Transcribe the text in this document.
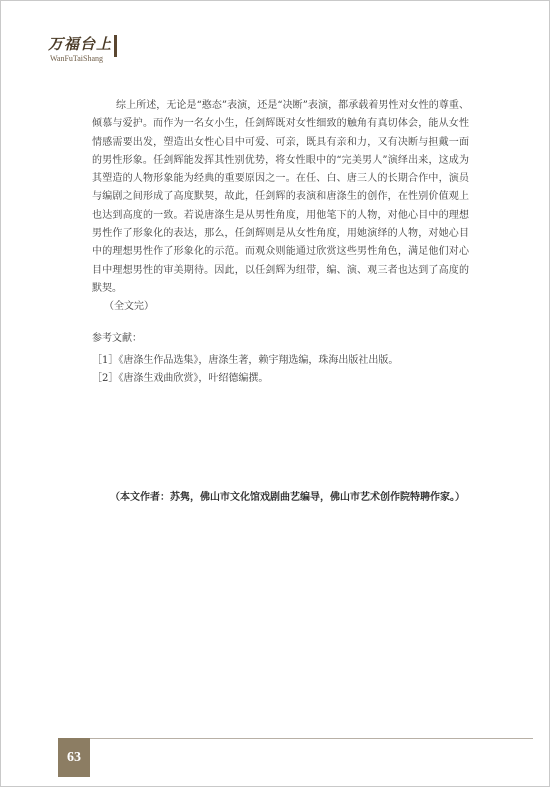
万福台上
WanFuTaiShang

综上所述，无论是“憨态”表演，还是“决断”表演，都承载着男性对女性的尊重、倾慕与爱护。而作为一名女小生，任剑辉既对女性细致的触角有真切体会，能从女性情感需要出发，塑造出女性心目中可爱、可亲，既具有亲和力，又有决断与担戴一面的男性形象。任剑辉能发挥其性别优势，将女性眼中的“完美男人”演绎出来，这成为其塑造的人物形象能为经典的重要原因之一。在任、白、唐三人的长期合作中，演员与编剧之间形成了高度默契，故此，任剑辉的表演和唐涤生的创作，在性别价值观上也达到高度的一致。若说唐涤生是从男性角度，用他笔下的人物，对他心目中的理想男性作了形象化的表达，那么，任剑辉则是从女性角度，用她演绎的人物，对她心目中的理想男性作了形象化的示范。而观众则能通过欣赏这些男性角色，满足他们对心目中理想男性的审美期待。因此，以任剑辉为纽带，编、演、观三者也达到了高度的默契。

（全文完）

参考文献：

［1］《唐涤生作品选集》，唐涤生著，赖宇翔选编，珠海出版社出版。

［2］《唐涤生戏曲欣赏》，叶绍德编撰。

（本文作者：苏隽，佛山市文化馆戏剧曲艺编导，佛山市艺术创作院特聘作家。）
63
